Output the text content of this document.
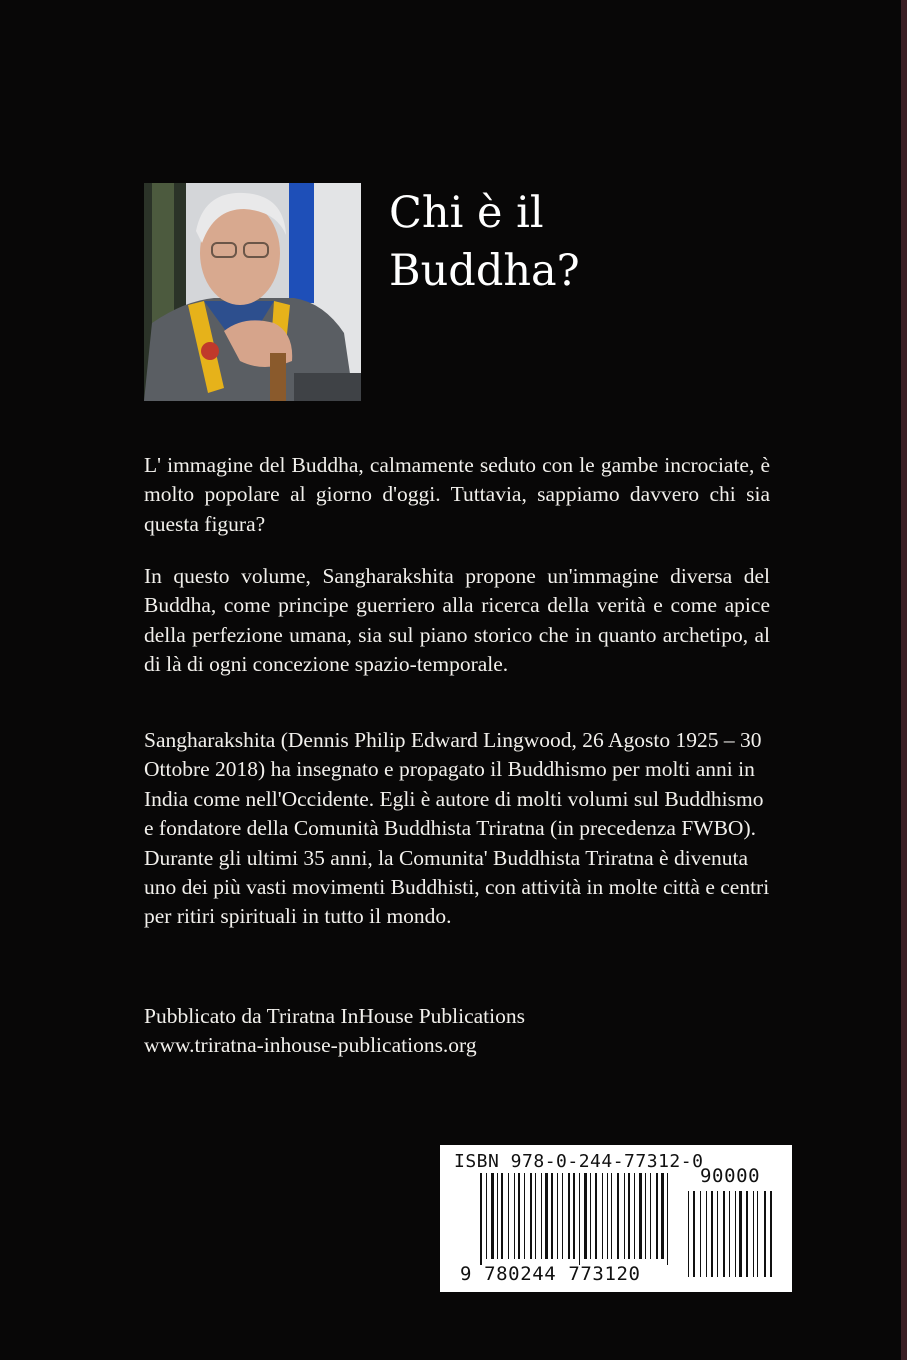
Chi è il
Buddha?

L' immagine del Buddha, calmamente seduto con le gambe incrociate, è molto popolare al giorno d'oggi. Tuttavia, sappiamo davvero chi sia questa figura?

In questo volume, Sangharakshita propone un'immagine diversa del Buddha, come principe guerriero alla ricerca della verità e come apice della perfezione umana, sia sul piano storico che in quanto archetipo, al di là di ogni concezione spazio-temporale.

Sangharakshita (Dennis Philip Edward Lingwood, 26 Agosto 1925 – 30 Ottobre 2018) ha insegnato e propagato il Buddhismo per molti anni in India come nell'Occidente. Egli è autore di molti volumi sul Buddhismo e fondatore della Comunità Buddhista Triratna (in precedenza FWBO). Durante gli ultimi 35 anni, la Comunita' Buddhista Triratna è divenuta uno dei più vasti movimenti Buddhisti, con attività in molte città e centri per ritiri spirituali in tutto il mondo.

Pubblicato da Triratna InHouse Publications
www.triratna-inhouse-publications.org

ISBN 978-0-244-77312-0
90000
9 780244 773120
